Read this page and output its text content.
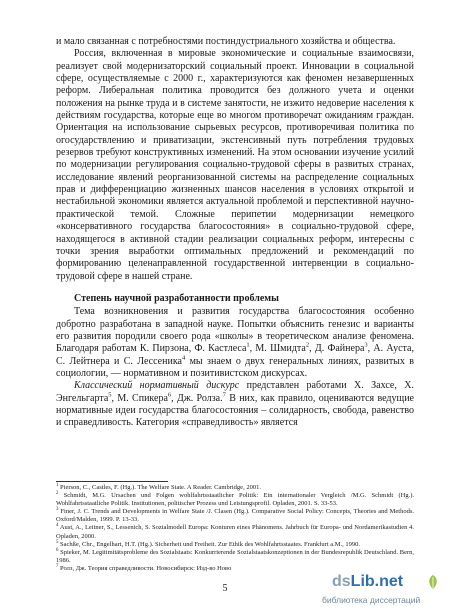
и мало связанная с потребностями постиндустриального хозяйства и общества.

Россия, включенная в мировые экономические и социальные взаимосвязи, реализует свой модернизаторский социальный проект. Инновации в социальной сфере, осуществляемые с 2000 г., характеризуются как феномен незавершенных реформ. Либеральная политика проводится без должного учета и оценки положения на рынке труда и в системе занятости, не изжито недоверие населения к действиям государства, которые еще во многом противоречат ожиданиям граждан. Ориентация на использование сырьевых ресурсов, противоречивая политика по огосударствлению и приватизации, экстенсивный путь потребления трудовых резервов требуют конструктивных изменений. На этом основании изучение усилий по модернизации регулирования социально-трудовой сферы в развитых странах, исследование явлений реорганизованной системы на распределение социальных прав и дифференциацию жизненных шансов населения в условиях открытой и нестабильной экономики является актуальной проблемой и перспективной научно-практической темой. Сложные перипетии модернизации немецкого «консервативного государства благосостояния» в социально-трудовой сфере, находящегося в активной стадии реализации социальных реформ, интересны с точки зрения выработки оптимальных предложений и рекомендаций по формированию целенаправленной государственной интервенции в социально-трудовой сфере в нашей стране.

Степень научной разработанности проблемы

Тема возникновения и развития государства благосостояния особенно добротно разработана в западной науке. Попытки объяснить генезис и варианты его развития породили своего рода «школы» в теоретическом анализе феномена. Благодаря работам К. Пирзона, Ф. Кастлеса$^1$, М. Шмидта$^2$, Д. Файнера$^3$, А. Ауста, С. Лейтнера и С. Лессеника$^4$ мы знаем о двух генеральных линиях, развитых в социологии, — нормативном и позитивистском дискурсах.

Классический нормативный дискурс представлен работами Х. Захсе, Х. Энгельгарта$^5$, М. Спикера$^6$, Дж. Ролза.$^7$ В них, как правило, оцениваются ведущие нормативные идеи государства благосостояния – солидарность, свобода, равенство и справедливость. Категория «справедливость» является

$^1$ Pierson, C., Castles, F. (Hg.). The Welfare State. A Reader. Cambridge, 2001.

$^2$ Schmidt, M.G. Ursachen und Folgen wohlfahrtsstaatlicher Politik: Ein internationaler Vergleich /M.G. Schmidt (Hg.). Wohlfahrtsstaatliche Politik. Institutionen, politischer Prozess und Leistungsprofil. Opladen, 2001. S. 33-53.

$^3$ Finer, J. C. Trends and Developments in Welfare State /J. Clasen (Hg.). Comparative Social Policy: Concepts, Theories and Methods. Oxford/Malden, 1999. P. 13-33.

$^4$ Aust, A., Leitner, S., Lessenich, S. Sozialmodell Europa: Konturen eines Phänomens. Jahrbuch für Europa- und Nordamerikastudien 4. Opladen, 2000.

$^5$ Sachße, Chr., Engelhart, H.T. (Hg.). Sicherheit und Freiheit. Zur Ethik des Wohlfahrtsstaates. Frankfurt a.M., 1990.

$^6$ Spieker, M. Legitimitätsprobleme des Sozialstaats: Konkurrierende Sozialstaatskonzeptionen in der Bundesrepublik Deutschland. Bern, 1986.

$^7$ Ролз, Дж. Теория справедливости. Новосибирск: Изд-во Ново

5	dsLib.net
библиотека диссертаций
